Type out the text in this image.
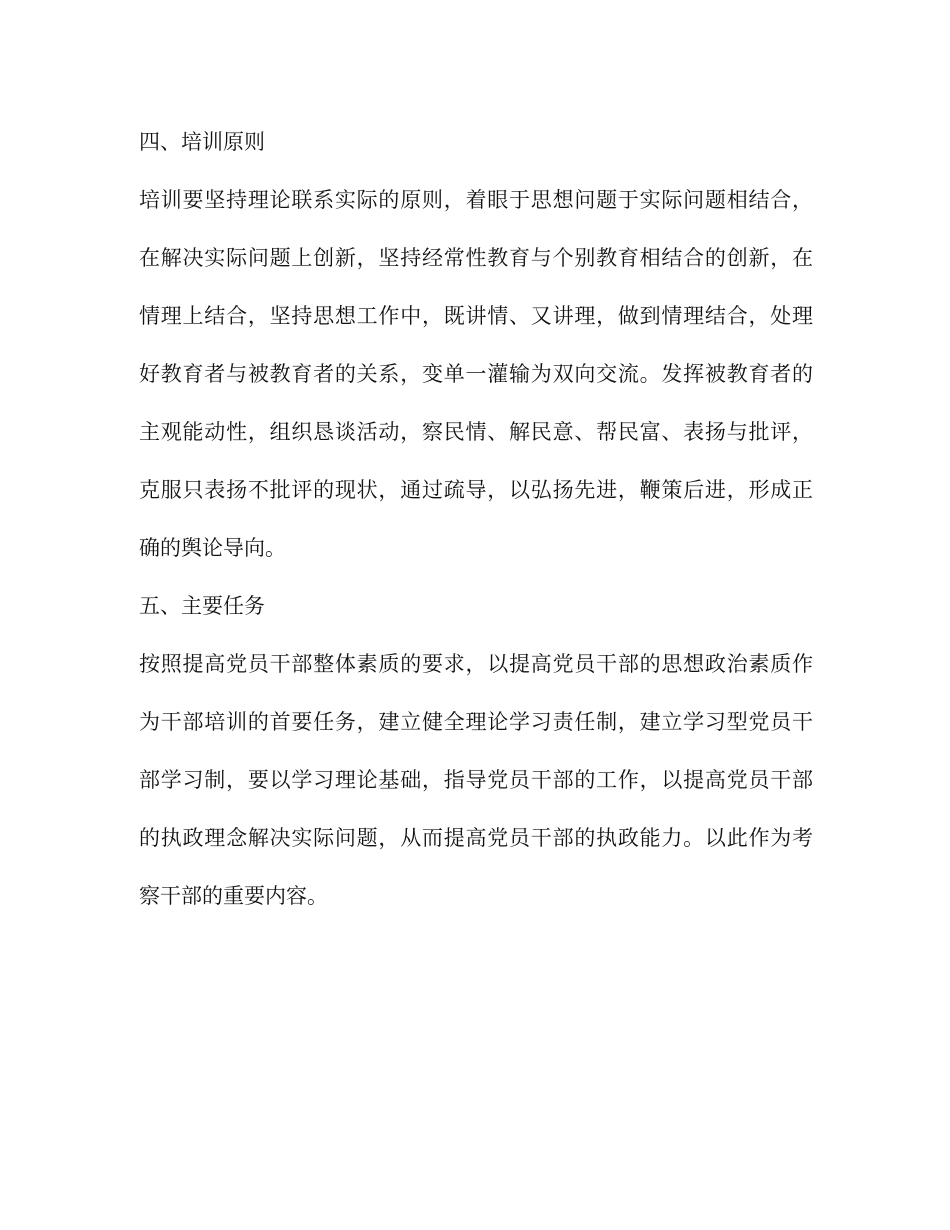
四、培训原则
培训要坚持理论联系实际的原则，着眼于思想问题于实际问题相结合，
在解决实际问题上创新，坚持经常性教育与个别教育相结合的创新，在
情理上结合，坚持思想工作中，既讲情、又讲理，做到情理结合，处理
好教育者与被教育者的关系，变单一灌输为双向交流。发挥被教育者的
主观能动性，组织恳谈活动，察民情、解民意、帮民富、表扬与批评，
克服只表扬不批评的现状，通过疏导，以弘扬先进，鞭策后进，形成正
确的舆论导向。
五、主要任务
按照提高党员干部整体素质的要求，以提高党员干部的思想政治素质作
为干部培训的首要任务，建立健全理论学习责任制，建立学习型党员干
部学习制，要以学习理论基础，指导党员干部的工作，以提高党员干部
的执政理念解决实际问题，从而提高党员干部的执政能力。以此作为考
察干部的重要内容。
